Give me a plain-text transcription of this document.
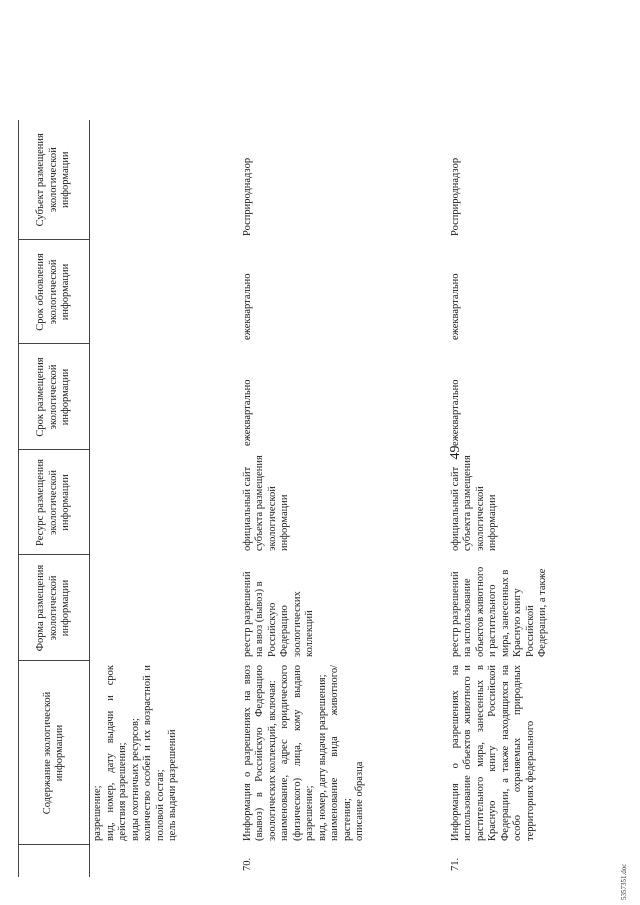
49
	Содержание экологической информации	Форма размещения экологической информации	Ресурс размещения экологической информации	Срок размещения экологической информации	Срок обновления экологической информации	Субъект размещения экологической информации
	разрешение;
вид, номер, дату выдачи и срок действия разрешения;
виды охотничьих ресурсов;
количество особей и их возрастной и половой состав;
цель выдачи разрешений					
70.	Информация о разрешениях на ввоз (вывоз) в Российскую Федерацию зоологических коллекций, включая:
наименование, адрес юридического (физического) лица, кому выдано разрешение;
вид, номер, дату выдачи разрешения;
наименование вида животного/растения;
описание образца	реестр разрешений на ввоз (вывоз) в Российскую Федерацию зоологических коллекций	официальный сайт субъекта размещения экологической информации	ежеквартально	ежеквартально	Росприроднадзор
71.	Информация о разрешениях на использование объектов животного и растительного мира, занесенных в Красную книгу Российской Федерации, а также находящихся на особо охраняемых природных территориях федерального	реестр разрешений на использование объектов животного и растительного мира, занесенных в Красную книгу Российской Федерации, а также	официальный сайт субъекта размещения экологической информации	ежеквартально	ежеквартально	Росприроднадзор
5357351.doc
